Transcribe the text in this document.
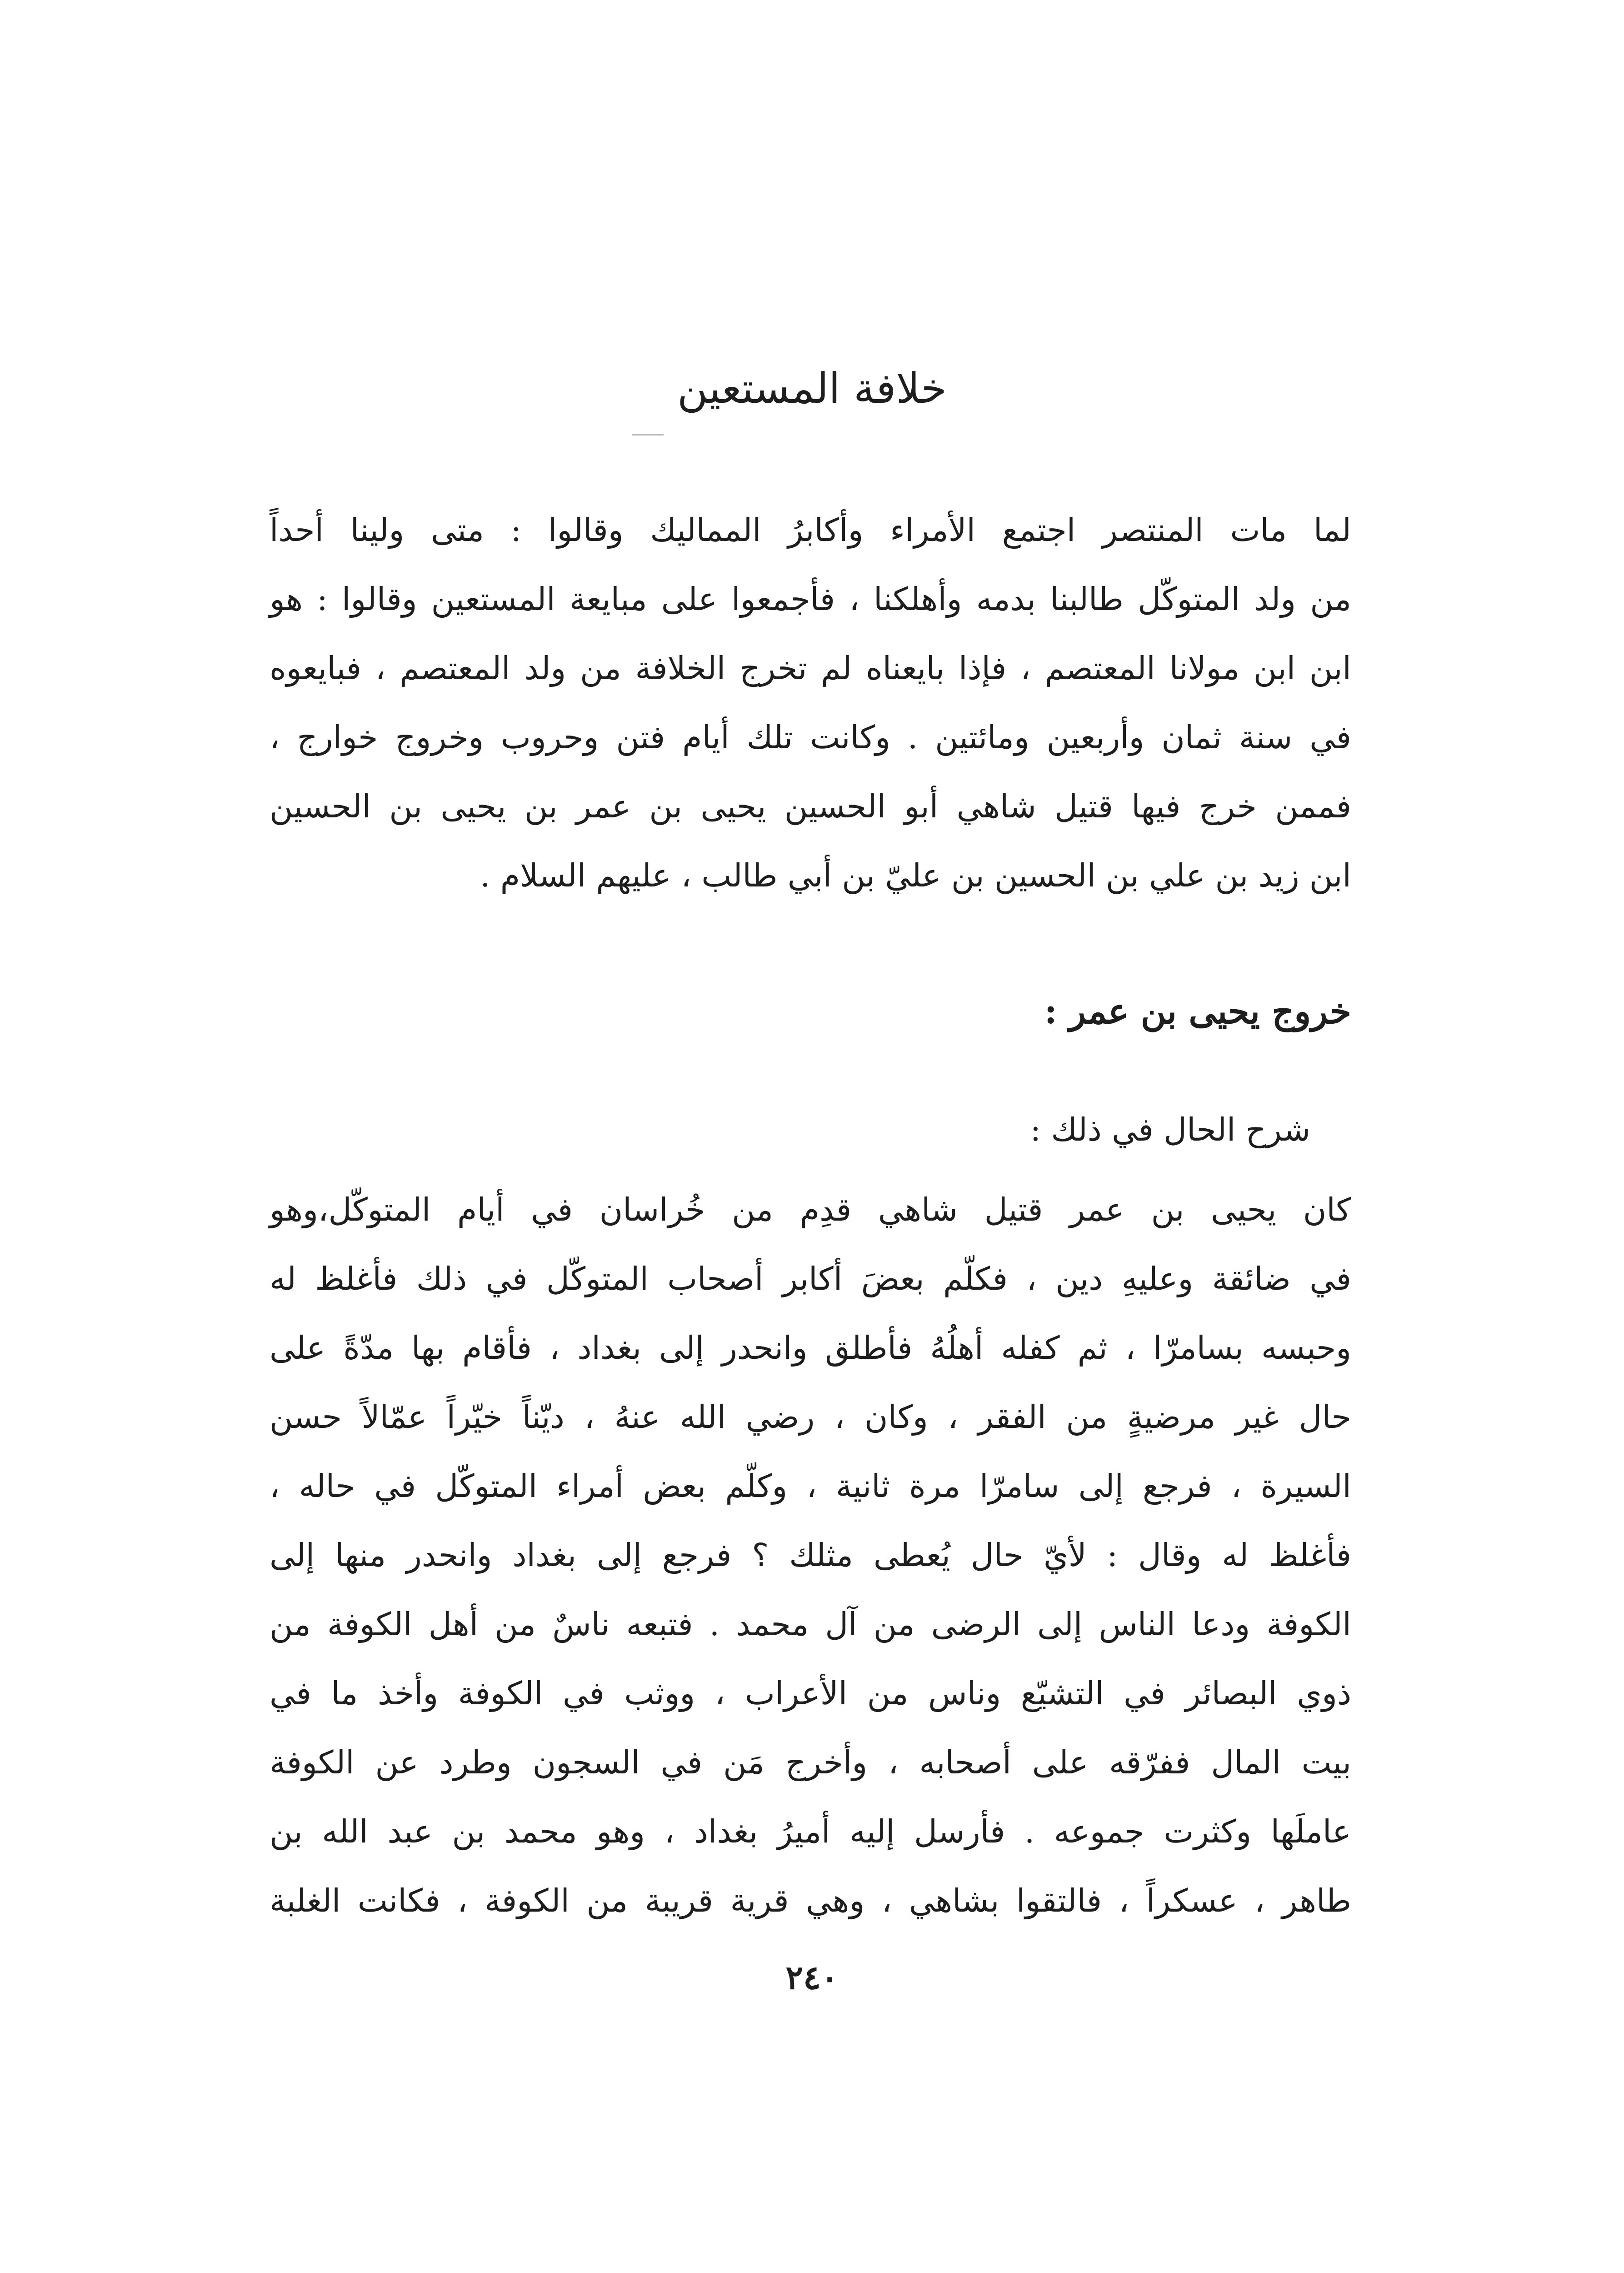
خلافة المستعين
لما مات المنتصر اجتمع الأمراء وأكابرُ المماليك وقالوا : متى ولينا أحداً
من ولد المتوكّل طالبنا بدمه وأهلكنا ، فأجمعوا على مبايعة المستعين وقالوا : هو
ابن ابن مولانا المعتصم ، فإذا بايعناه لم تخرج الخلافة من ولد المعتصم ، فبايعوه
في سنة ثمان وأربعين ومائتين . وكانت تلك أيام فتن وحروب وخروج خوارج ،
فممن خرج فيها قتيل شاهي أبو الحسين يحيى بن عمر بن يحيى بن الحسين
ابن زيد بن علي بن الحسين بن عليّ بن أبي طالب ، عليهم السلام .
خروج يحيى بن عمر :

شرح الحال في ذلك :

كان يحيى بن عمر قتيل شاهي قدِم من خُراسان في أيام المتوكّل،وهو
في ضائقة وعليهِ دين ، فكلّم بعضَ أكابر أصحاب المتوكّل في ذلك فأغلظ له
وحبسه بسامرّا ، ثم كفله أهلُهُ فأطلق وانحدر إلى بغداد ، فأقام بها مدّةً على
حال غير مرضيةٍ من الفقر ، وكان ، رضي الله عنهُ ، ديّناً خيّراً عمّالاً حسن
السيرة ، فرجع إلى سامرّا مرة ثانية ، وكلّم بعض أمراء المتوكّل في حاله ،
فأغلظ له وقال : لأيّ حال يُعطى مثلك ؟ فرجع إلى بغداد وانحدر منها إلى
الكوفة ودعا الناس إلى الرضى من آل محمد . فتبعه ناسٌ من أهل الكوفة من
ذوي البصائر في التشيّع وناس من الأعراب ، ووثب في الكوفة وأخذ ما في
بيت المال ففرّقه على أصحابه ، وأخرج مَن في السجون وطرد عن الكوفة
عاملَها وكثرت جموعه . فأرسل إليه أميرُ بغداد ، وهو محمد بن عبد الله بن
طاهر ، عسكراً ، فالتقوا بشاهي ، وهي قرية قريبة من الكوفة ، فكانت الغلبة

٢٤٠
